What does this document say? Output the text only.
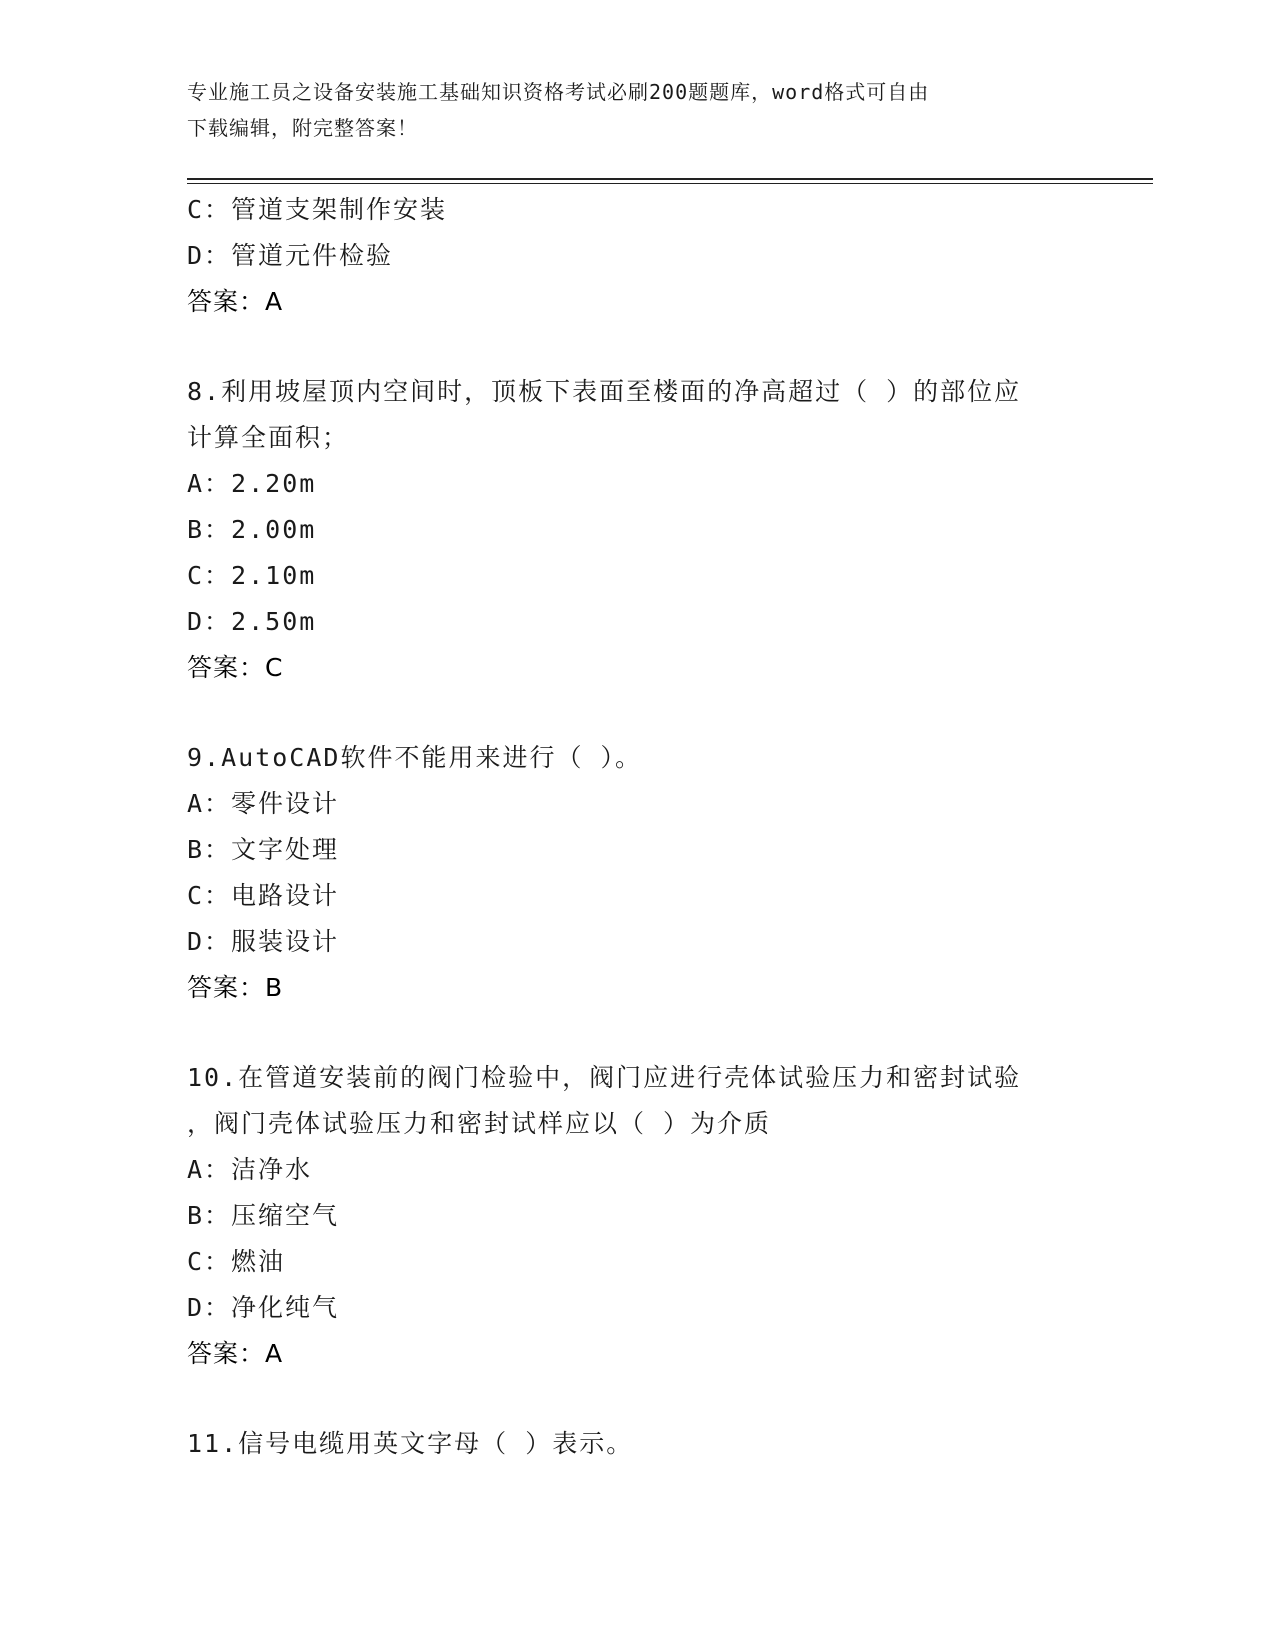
专业施工员之设备安装施工基础知识资格考试必刷200题题库，word格式可自由
下载编辑，附完整答案！
C：管道支架制作安装
D：管道元件检验
答案：A
8.利用坡屋顶内空间时，顶板下表面至楼面的净高超过（ ）的部位应
计算全面积；
A：2.20m
B：2.00m
C：2.10m
D：2.50m
答案：C
9.AutoCAD软件不能用来进行（ ）。
A：零件设计
B：文字处理
C：电路设计
D：服装设计
答案：B
10.在管道安装前的阀门检验中，阀门应进行壳体试验压力和密封试验
，阀门壳体试验压力和密封试样应以（ ）为介质
A：洁净水
B：压缩空气
C：燃油
D：净化纯气
答案：A
11.信号电缆用英文字母（ ）表示。
